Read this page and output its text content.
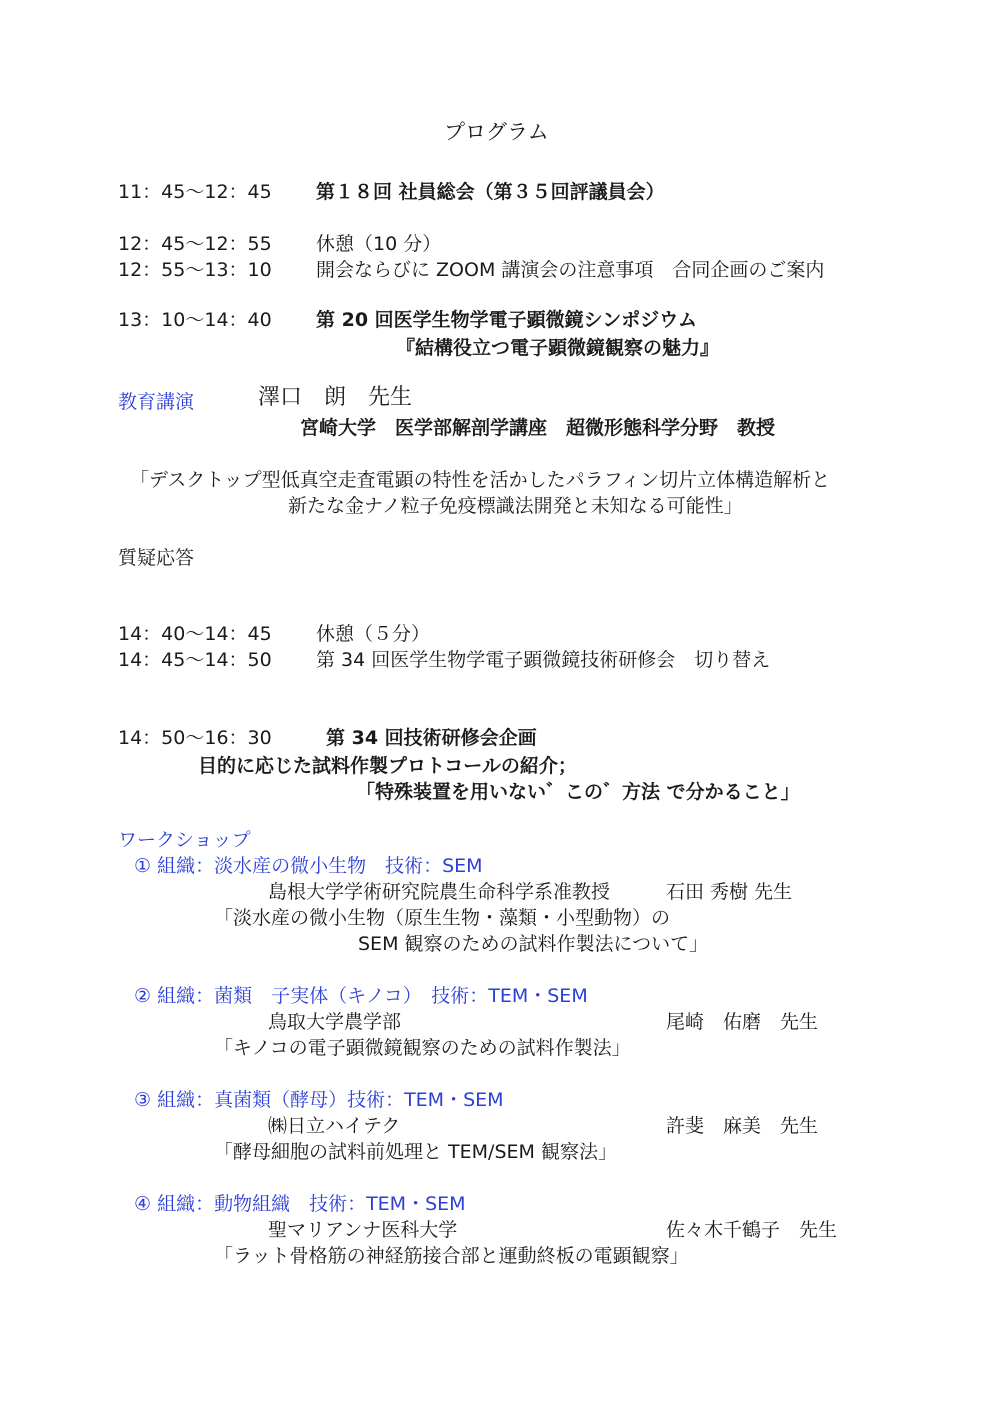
プログラム
11：45〜12：45 第１８回 社員総会（第３５回評議員会）
12：45〜12：55 休憩（10 分）
12：55〜13：10 開会ならびに ZOOM 講演会の注意事項　合同企画のご案内
13：10〜14：40 第 20 回医学生物学電子顕微鏡シンポジウム
『結構役立つ電子顕微鏡観察の魅力』
教育講演	澤口　朗　先生
宮崎大学　医学部解剖学講座　超微形態科学分野　教授
「デスクトップ型低真空走査電顕の特性を活かしたパラフィン切片立体構造解析と
新たな金ナノ粒子免疫標識法開発と未知なる可能性」
質疑応答
14：40〜14：45 休憩（５分）
14：45〜14：50 第 34 回医学生物学電子顕微鏡技術研修会　切り替え
14：50〜16：30	第 34 回技術研修会企画
目的に応じた試料作製プロトコールの紹介；
「特殊装置を用いない゛この゛方法 で分かること」
ワークショップ
① 組織：淡水産の微小生物　技術：SEM
島根大学学術研究院農生命科学系准教授	石田 秀樹 先生
「淡水産の微小生物（原生生物・藻類・小型動物）の
SEM 観察のための試料作製法について」
② 組織：菌類　子実体（キノコ）　技術：TEM・SEM
鳥取大学農学部	尾崎　佑磨　先生
「キノコの電子顕微鏡観察のための試料作製法」
③ 組織：真菌類（酵母）技術：TEM・SEM
㈱日立ハイテク	許斐　麻美　先生
「酵母細胞の試料前処理と TEM/SEM 観察法」
④ 組織：動物組織　技術：TEM・SEM
聖マリアンナ医科大学	佐々木千鶴子　先生
「ラット骨格筋の神経筋接合部と運動終板の電顕観察」
